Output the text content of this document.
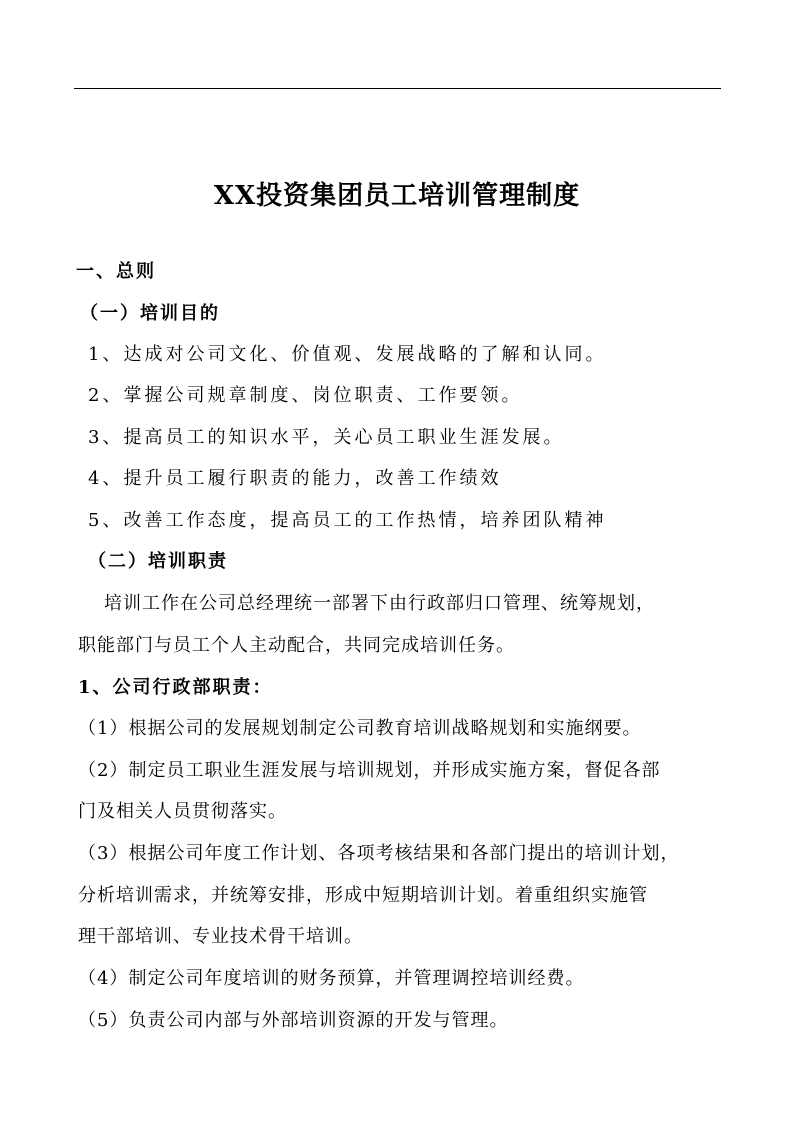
XX投资集团员工培训管理制度
一、总则
（一）培训目的
1、达成对公司文化、价值观、发展战略的了解和认同。
2、掌握公司规章制度、岗位职责、工作要领。
3、提高员工的知识水平，关心员工职业生涯发展。
4、提升员工履行职责的能力，改善工作绩效
5、改善工作态度，提高员工的工作热情，培养团队精神
（二）培训职责
培训工作在公司总经理统一部署下由行政部归口管理、统筹规划，
职能部门与员工个人主动配合，共同完成培训任务。
1、公司行政部职责：
（1）根据公司的发展规划制定公司教育培训战略规划和实施纲要。
（2）制定员工职业生涯发展与培训规划，并形成实施方案，督促各部
门及相关人员贯彻落实。
（3）根据公司年度工作计划、各项考核结果和各部门提出的培训计划，
分析培训需求，并统筹安排，形成中短期培训计划。着重组织实施管
理干部培训、专业技术骨干培训。
（4）制定公司年度培训的财务预算，并管理调控培训经费。
（5）负责公司内部与外部培训资源的开发与管理。
